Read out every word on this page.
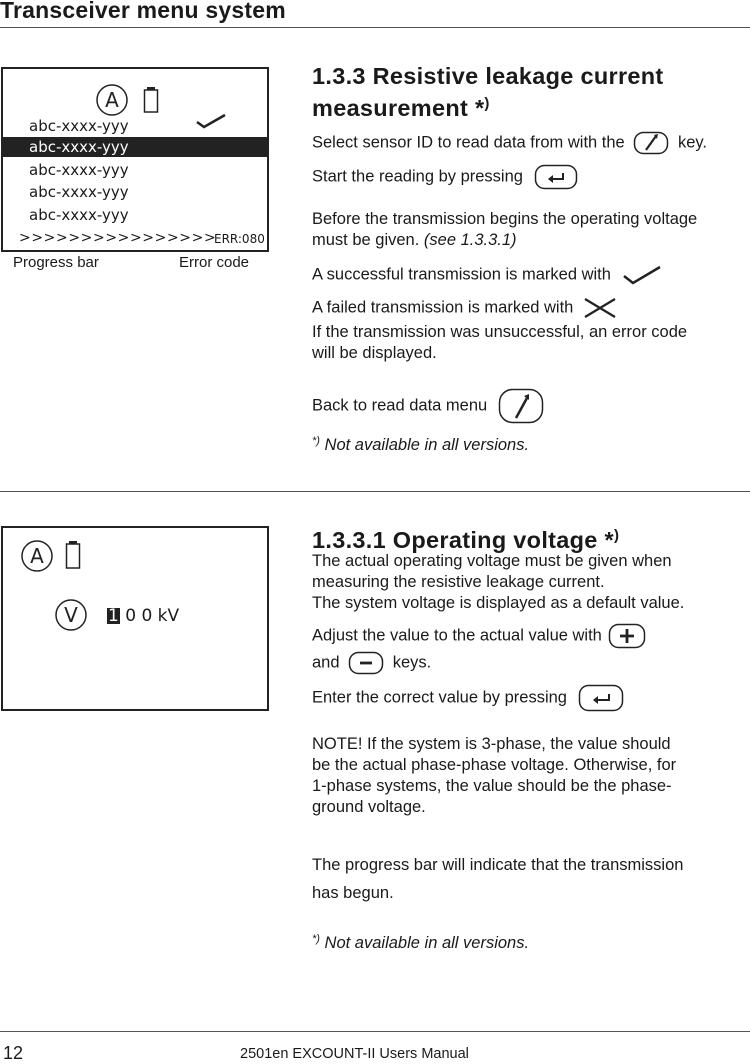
Transceiver menu system
A
abc-xxxx-yyy
abc-xxxx-yyy
abc-xxxx-yyy
abc-xxxx-yyy
abc-xxxx-yyy
>>>>>>>>>>>>>>>>
ERR:080
Progress bar	Error code
1.3.3 Resistive leakage current
measurement *)
Select sensor ID to read data from with the	key.
Start the reading by pressing
Before the transmission begins the operating voltage
must be given. (see 1.3.3.1)
A successful transmission is marked with
A failed transmission is marked with
If the transmission was unsuccessful, an error code
will be displayed.
Back to read data menu
*) Not available in all versions.
A
V 1 0 0 kV
1.3.3.1 Operating voltage *)
The actual operating voltage must be given when
measuring the resistive leakage current.
The system voltage is displayed as a default value.
Adjust the value to the actual value with
and	keys.
Enter the correct value by pressing
NOTE! If the system is 3-phase, the value should
be the actual phase-phase voltage. Otherwise, for
1-phase systems, the value should be the phase-
ground voltage.
The progress bar will indicate that the transmission
has begun.
*) Not available in all versions.
12	2501en EXCOUNT-II Users Manual
